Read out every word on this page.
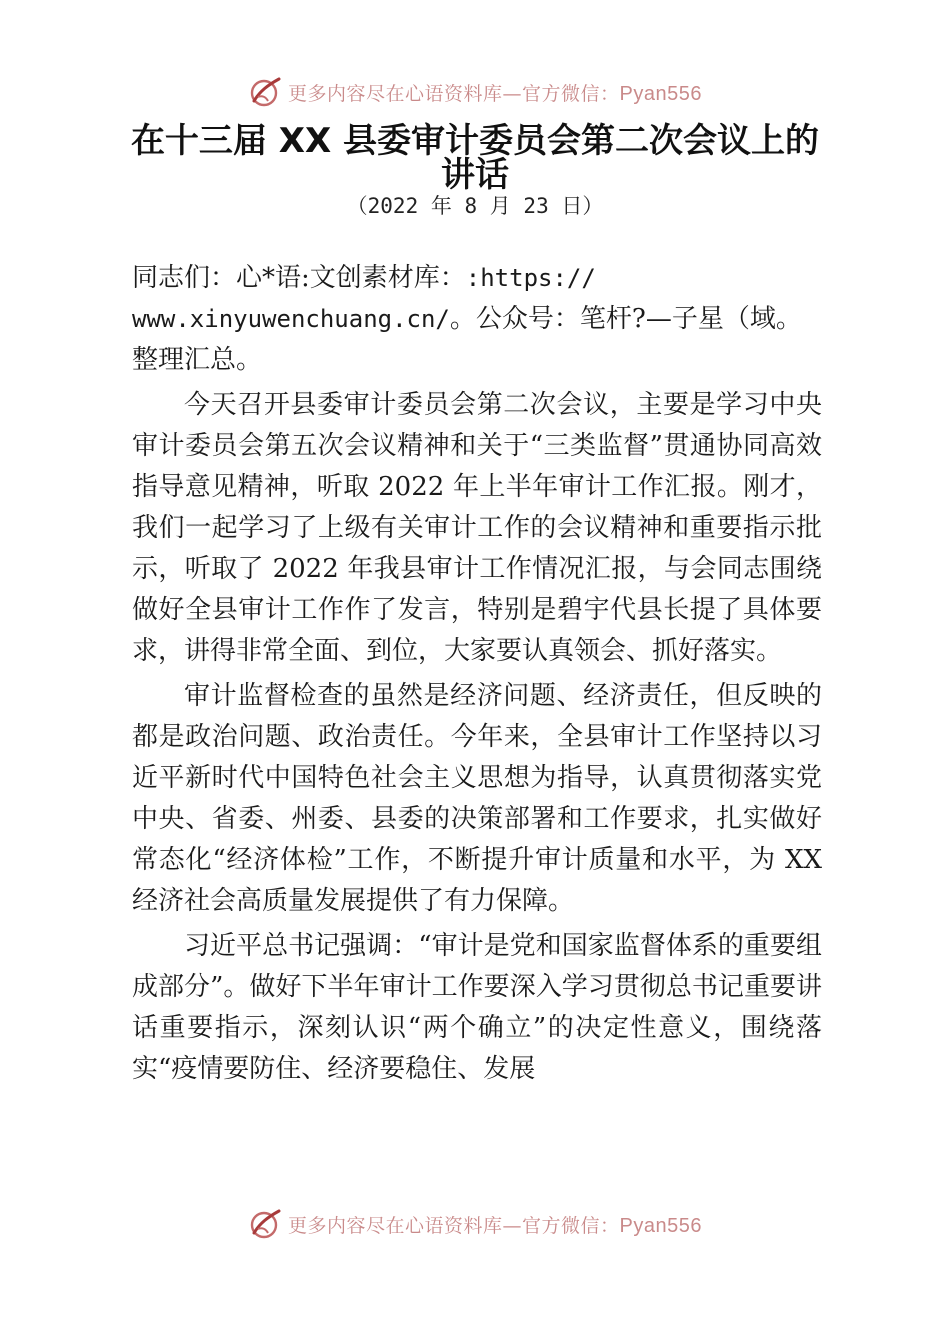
更多内容尽在心语资料库—官方微信：Pyan556
在十三届 XX 县委审计委员会第二次会议上的讲话
（2022 年 8 月 23 日）

同志们：心*语:文创素材库：:https://
www.xinyuwenchuang.cn/。公众号：笔杆?—子星（域。
整理汇总。

今天召开县委审计委员会第二次会议，主要是学习中央审计委员会第五次会议精神和关于“三类监督”贯通协同高效指导意见精神，听取 2022 年上半年审计工作汇报。刚才，我们一起学习了上级有关审计工作的会议精神和重要指示批示，听取了 2022 年我县审计工作情况汇报，与会同志围绕做好全县审计工作作了发言，特别是碧宇代县长提了具体要求，讲得非常全面、到位，大家要认真领会、抓好落实。

审计监督检查的虽然是经济问题、经济责任，但反映的都是政治问题、政治责任。今年来，全县审计工作坚持以习近平新时代中国特色社会主义思想为指导，认真贯彻落实党中央、省委、州委、县委的决策部署和工作要求，扎实做好常态化“经济体检”工作，不断提升审计质量和水平，为 XX 经济社会高质量发展提供了有力保障。

习近平总书记强调：“审计是党和国家监督体系的重要组成部分”。做好下半年审计工作要深入学习贯彻总书记重要讲话重要指示，深刻认识“两个确立”的决定性意义，围绕落实“疫情要防住、经济要稳住、发展

更多内容尽在心语资料库—官方微信：Pyan556
